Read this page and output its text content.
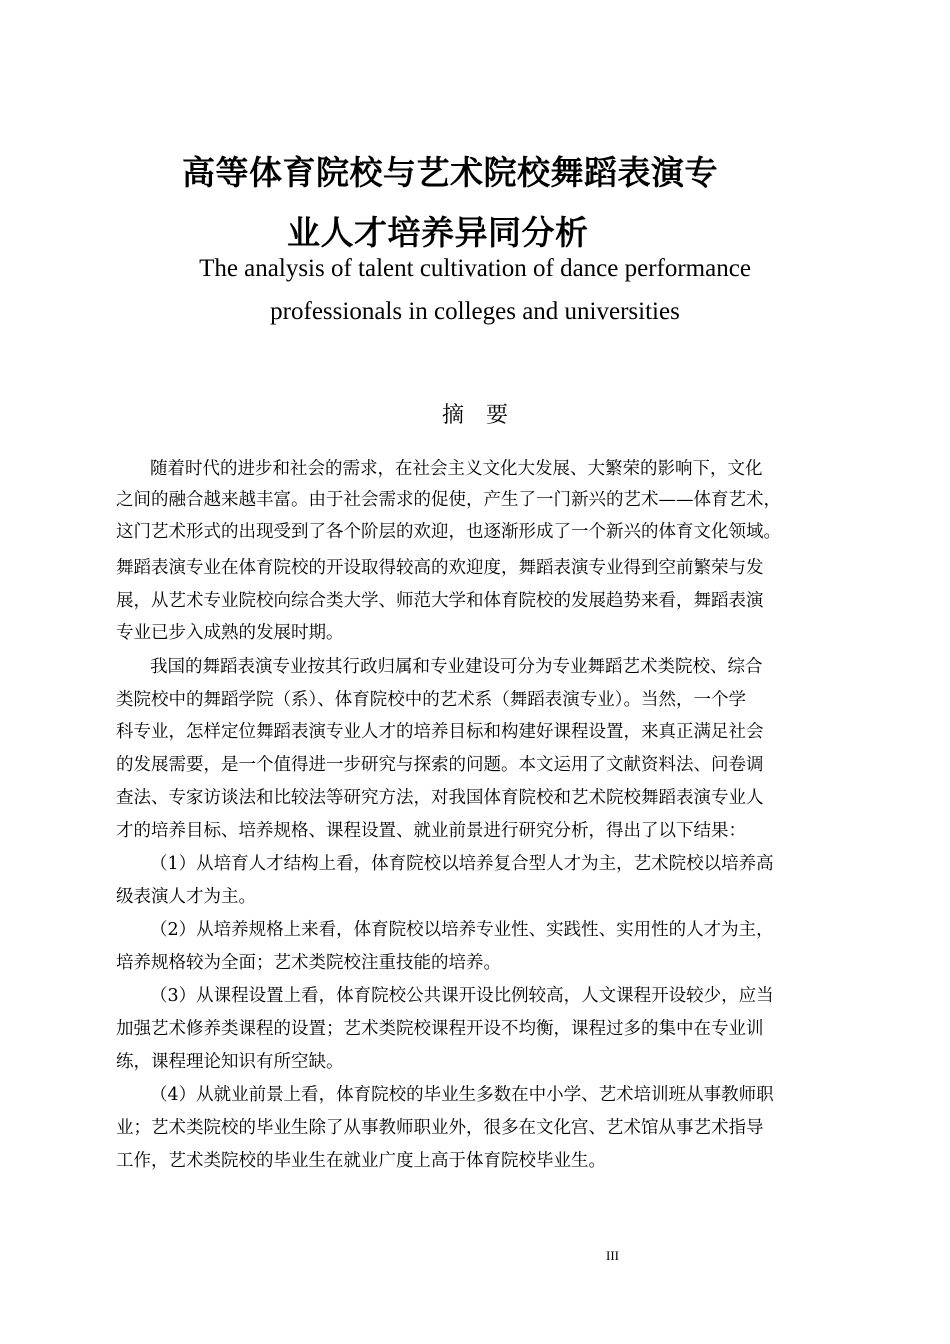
高等体育院校与艺术院校舞蹈表演专
业人才培养异同分析
The analysis of talent cultivation of dance performance
professionals in colleges and universities
摘要
随着时代的进步和社会的需求，在社会主义文化大发展、大繁荣的影响下，文化
之间的融合越来越丰富。由于社会需求的促使，产生了一门新兴的艺术——体育艺术，
这门艺术形式的出现受到了各个阶层的欢迎，也逐渐形成了一个新兴的体育文化领域。
舞蹈表演专业在体育院校的开设取得较高的欢迎度，舞蹈表演专业得到空前繁荣与发
展，从艺术专业院校向综合类大学、师范大学和体育院校的发展趋势来看，舞蹈表演
专业已步入成熟的发展时期。
我国的舞蹈表演专业按其行政归属和专业建设可分为专业舞蹈艺术类院校、综合
类院校中的舞蹈学院（系）、体育院校中的艺术系（舞蹈表演专业）。当然，一个学
科专业，怎样定位舞蹈表演专业人才的培养目标和构建好课程设置，来真正满足社会
的发展需要，是一个值得进一步研究与探索的问题。本文运用了文献资料法、问卷调
查法、专家访谈法和比较法等研究方法，对我国体育院校和艺术院校舞蹈表演专业人
才的培养目标、培养规格、课程设置、就业前景进行研究分析，得出了以下结果：
（1）从培育人才结构上看，体育院校以培养复合型人才为主，艺术院校以培养高
级表演人才为主。
（2）从培养规格上来看，体育院校以培养专业性、实践性、实用性的人才为主，
培养规格较为全面；艺术类院校注重技能的培养。
（3）从课程设置上看，体育院校公共课开设比例较高，人文课程开设较少，应当
加强艺术修养类课程的设置；艺术类院校课程开设不均衡，课程过多的集中在专业训
练，课程理论知识有所空缺。
（4）从就业前景上看，体育院校的毕业生多数在中小学、艺术培训班从事教师职
业；艺术类院校的毕业生除了从事教师职业外，很多在文化宫、艺术馆从事艺术指导
工作，艺术类院校的毕业生在就业广度上高于体育院校毕业生。
III
